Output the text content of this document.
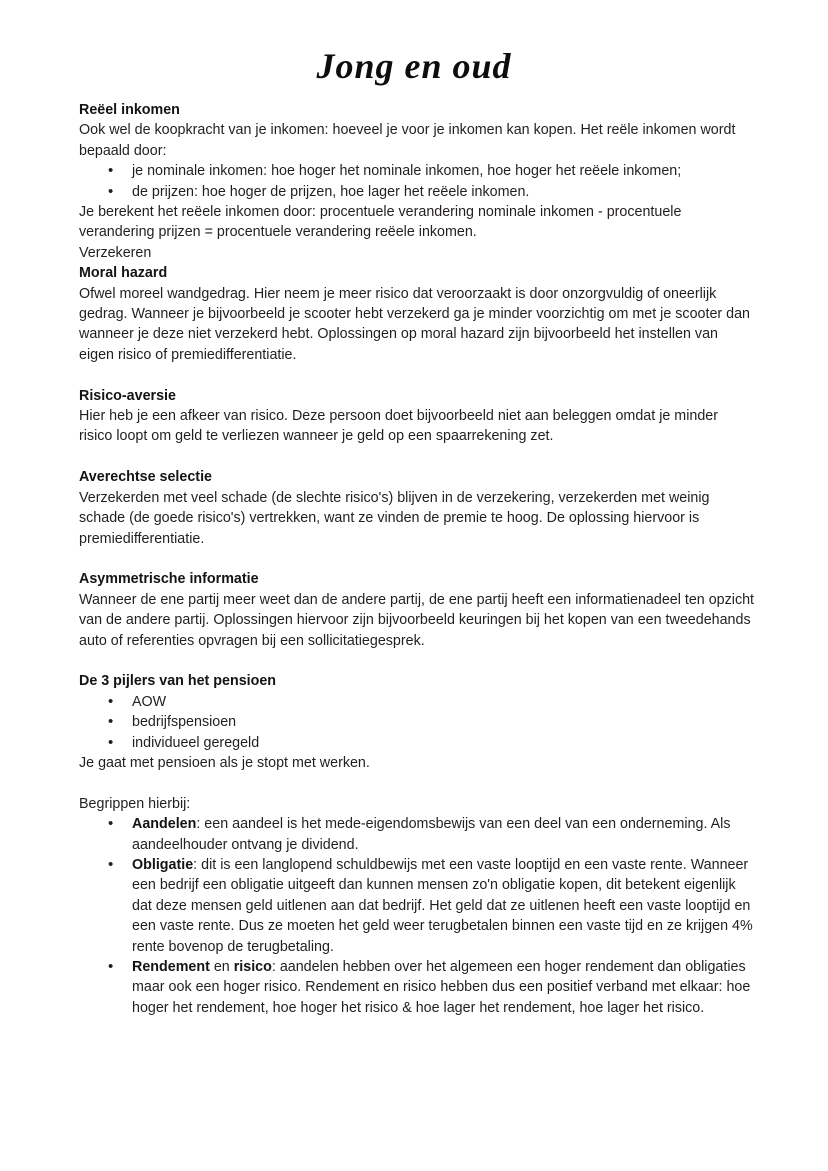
Jong en oud
Reëel inkomen
Ook wel de koopkracht van je inkomen: hoeveel je voor je inkomen kan kopen. Het reële inkomen wordt bepaald door:
• je nominale inkomen: hoe hoger het nominale inkomen, hoe hoger het reëele inkomen;
• de prijzen: hoe hoger de prijzen, hoe lager het reëele inkomen.
Je berekent het reëele inkomen door: procentuele verandering nominale inkomen - procentuele verandering prijzen = procentuele verandering reëele inkomen.
Verzekeren
Moral hazard
Ofwel moreel wandgedrag. Hier neem je meer risico dat veroorzaakt is door onzorgvuldig of oneerlijk gedrag. Wanneer je bijvoorbeeld je scooter hebt verzekerd ga je minder voorzichtig om met je scooter dan wanneer je deze niet verzekerd hebt. Oplossingen op moral hazard zijn bijvoorbeeld het instellen van eigen risico of premiedifferentiatie.
Risico-aversie
Hier heb je een afkeer van risico. Deze persoon doet bijvoorbeeld niet aan beleggen omdat je minder risico loopt om geld te verliezen wanneer je geld op een spaarrekening zet.
Averechtse selectie
Verzekerden met veel schade (de slechte risico's) blijven in de verzekering, verzekerden met weinig schade (de goede risico's) vertrekken, want ze vinden de premie te hoog. De oplossing hiervoor is premiedifferentiatie.
Asymmetrische informatie
Wanneer de ene partij meer weet dan de andere partij, de ene partij heeft een informatienadeel ten opzicht van de andere partij. Oplossingen hiervoor zijn bijvoorbeeld keuringen bij het kopen van een tweedehands auto of referenties opvragen bij een sollicitatiegesprek.
De 3 pijlers van het pensioen
• AOW
• bedrijfspensioen
• individueel geregeld
Je gaat met pensioen als je stopt met werken.
Begrippen hierbij:
• Aandelen: een aandeel is het mede-eigendomsbewijs van een deel van een onderneming. Als aandeelhouder ontvang je dividend.
• Obligatie: dit is een langlopend schuldbewijs met een vaste looptijd en een vaste rente. Wanneer een bedrijf een obligatie uitgeeft dan kunnen mensen zo'n obligatie kopen, dit betekent eigenlijk dat deze mensen geld uitlenen aan dat bedrijf. Het geld dat ze uitlenen heeft een vaste looptijd en een vaste rente. Dus ze moeten het geld weer terugbetalen binnen een vaste tijd en ze krijgen 4% rente bovenop de terugbetaling.
• Rendement en risico: aandelen hebben over het algemeen een hoger rendement dan obligaties maar ook een hoger risico. Rendement en risico hebben dus een positief verband met elkaar: hoe hoger het rendement, hoe hoger het risico & hoe lager het rendement, hoe lager het risico.
